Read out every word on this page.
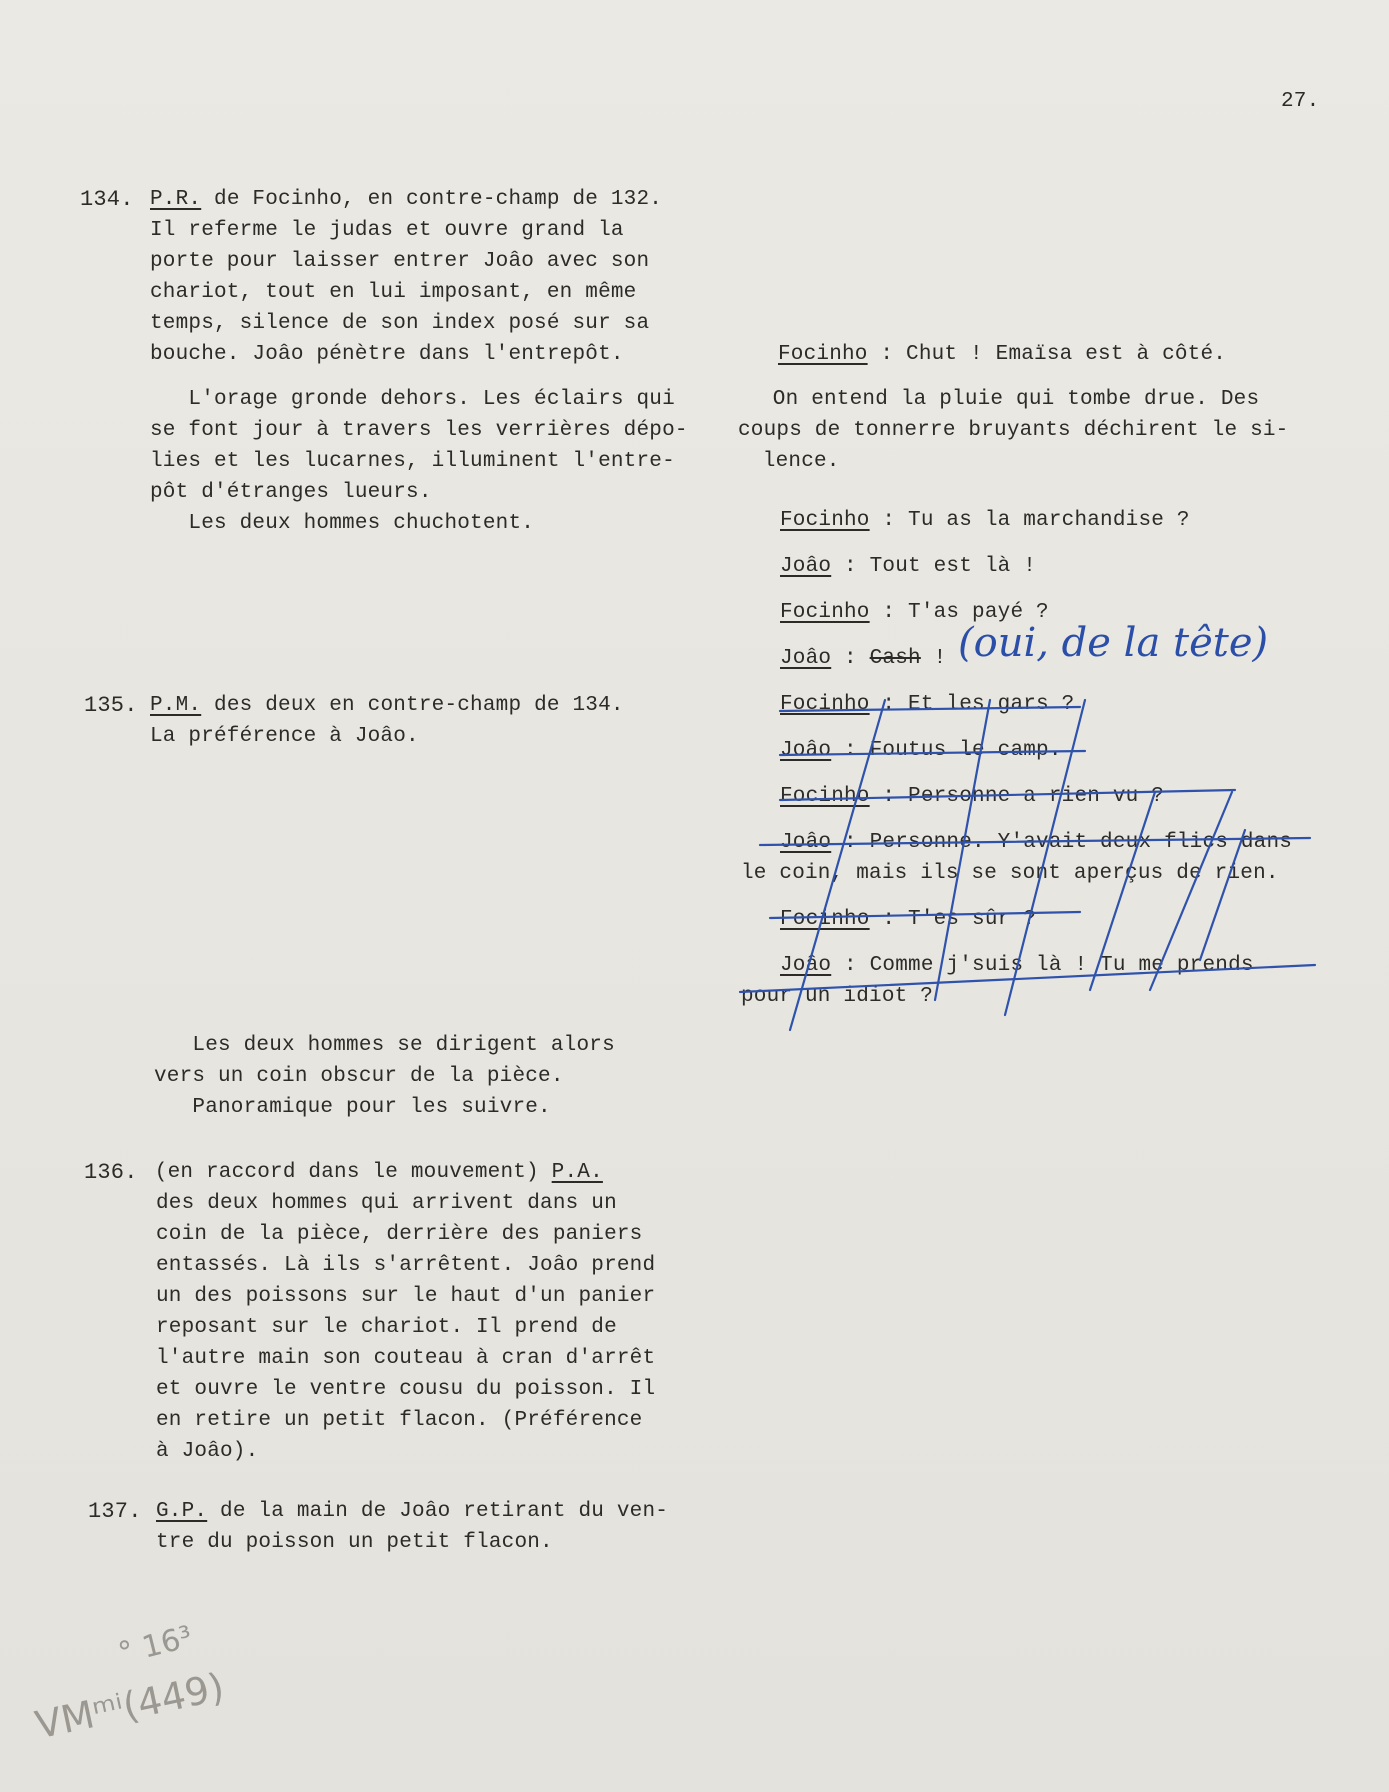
27.
134. P.R. de Focinho, en contre-champ de 132.
Il referme le judas et ouvre grand la
porte pour laisser entrer Joâo avec son
chariot, tout en lui imposant, en même
temps, silence de son index posé sur sa
bouche. Joâo pénètre dans l'entrepôt.
L'orage gronde dehors. Les éclairs qui
se font jour à travers les verrières dépo-
lies et les lucarnes, illuminent l'entre-
pôt d'étranges lueurs.
Les deux hommes chuchotent.
135. P.M. des deux en contre-champ de 134.
La préférence à Joâo.
Les deux hommes se dirigent alors
vers un coin obscur de la pièce.
Panoramique pour les suivre.
136. (en raccord dans le mouvement) P.A.
des deux hommes qui arrivent dans un
coin de la pièce, derrière des paniers
entassés. Là ils s'arrêtent. Joâo prend
un des poissons sur le haut d'un panier
reposant sur le chariot. Il prend de
l'autre main son couteau à cran d'arrêt
et ouvre le ventre cousu du poisson. Il
en retire un petit flacon. (Préférence
à Joâo).
137. G.P. de la main de Joâo retirant du ven-
tre du poisson un petit flacon.
Focinho : Chut ! Emaïsa est à côté.
On entend la pluie qui tombe drue. Des
coups de tonnerre bruyants déchirent le si-
lence.
Focinho : Tu as la marchandise ?
Joâo : Tout est là !
Focinho : T'as payé ?
Joâo : Cash !
Focinho : Et les gars ?
Joâo : Foutus le camp.
Focinho : Personne a rien vu ?
Joâo : Personne. Y'avait deux flics dans
le coin, mais ils se sont aperçus de rien.
Focinho : T'es sûr ?
Joâo : Comme j'suis là ! Tu me prends
pour un idiot ?
(oui, de la tête)
° 16³
VMᵐⁱ(449)
